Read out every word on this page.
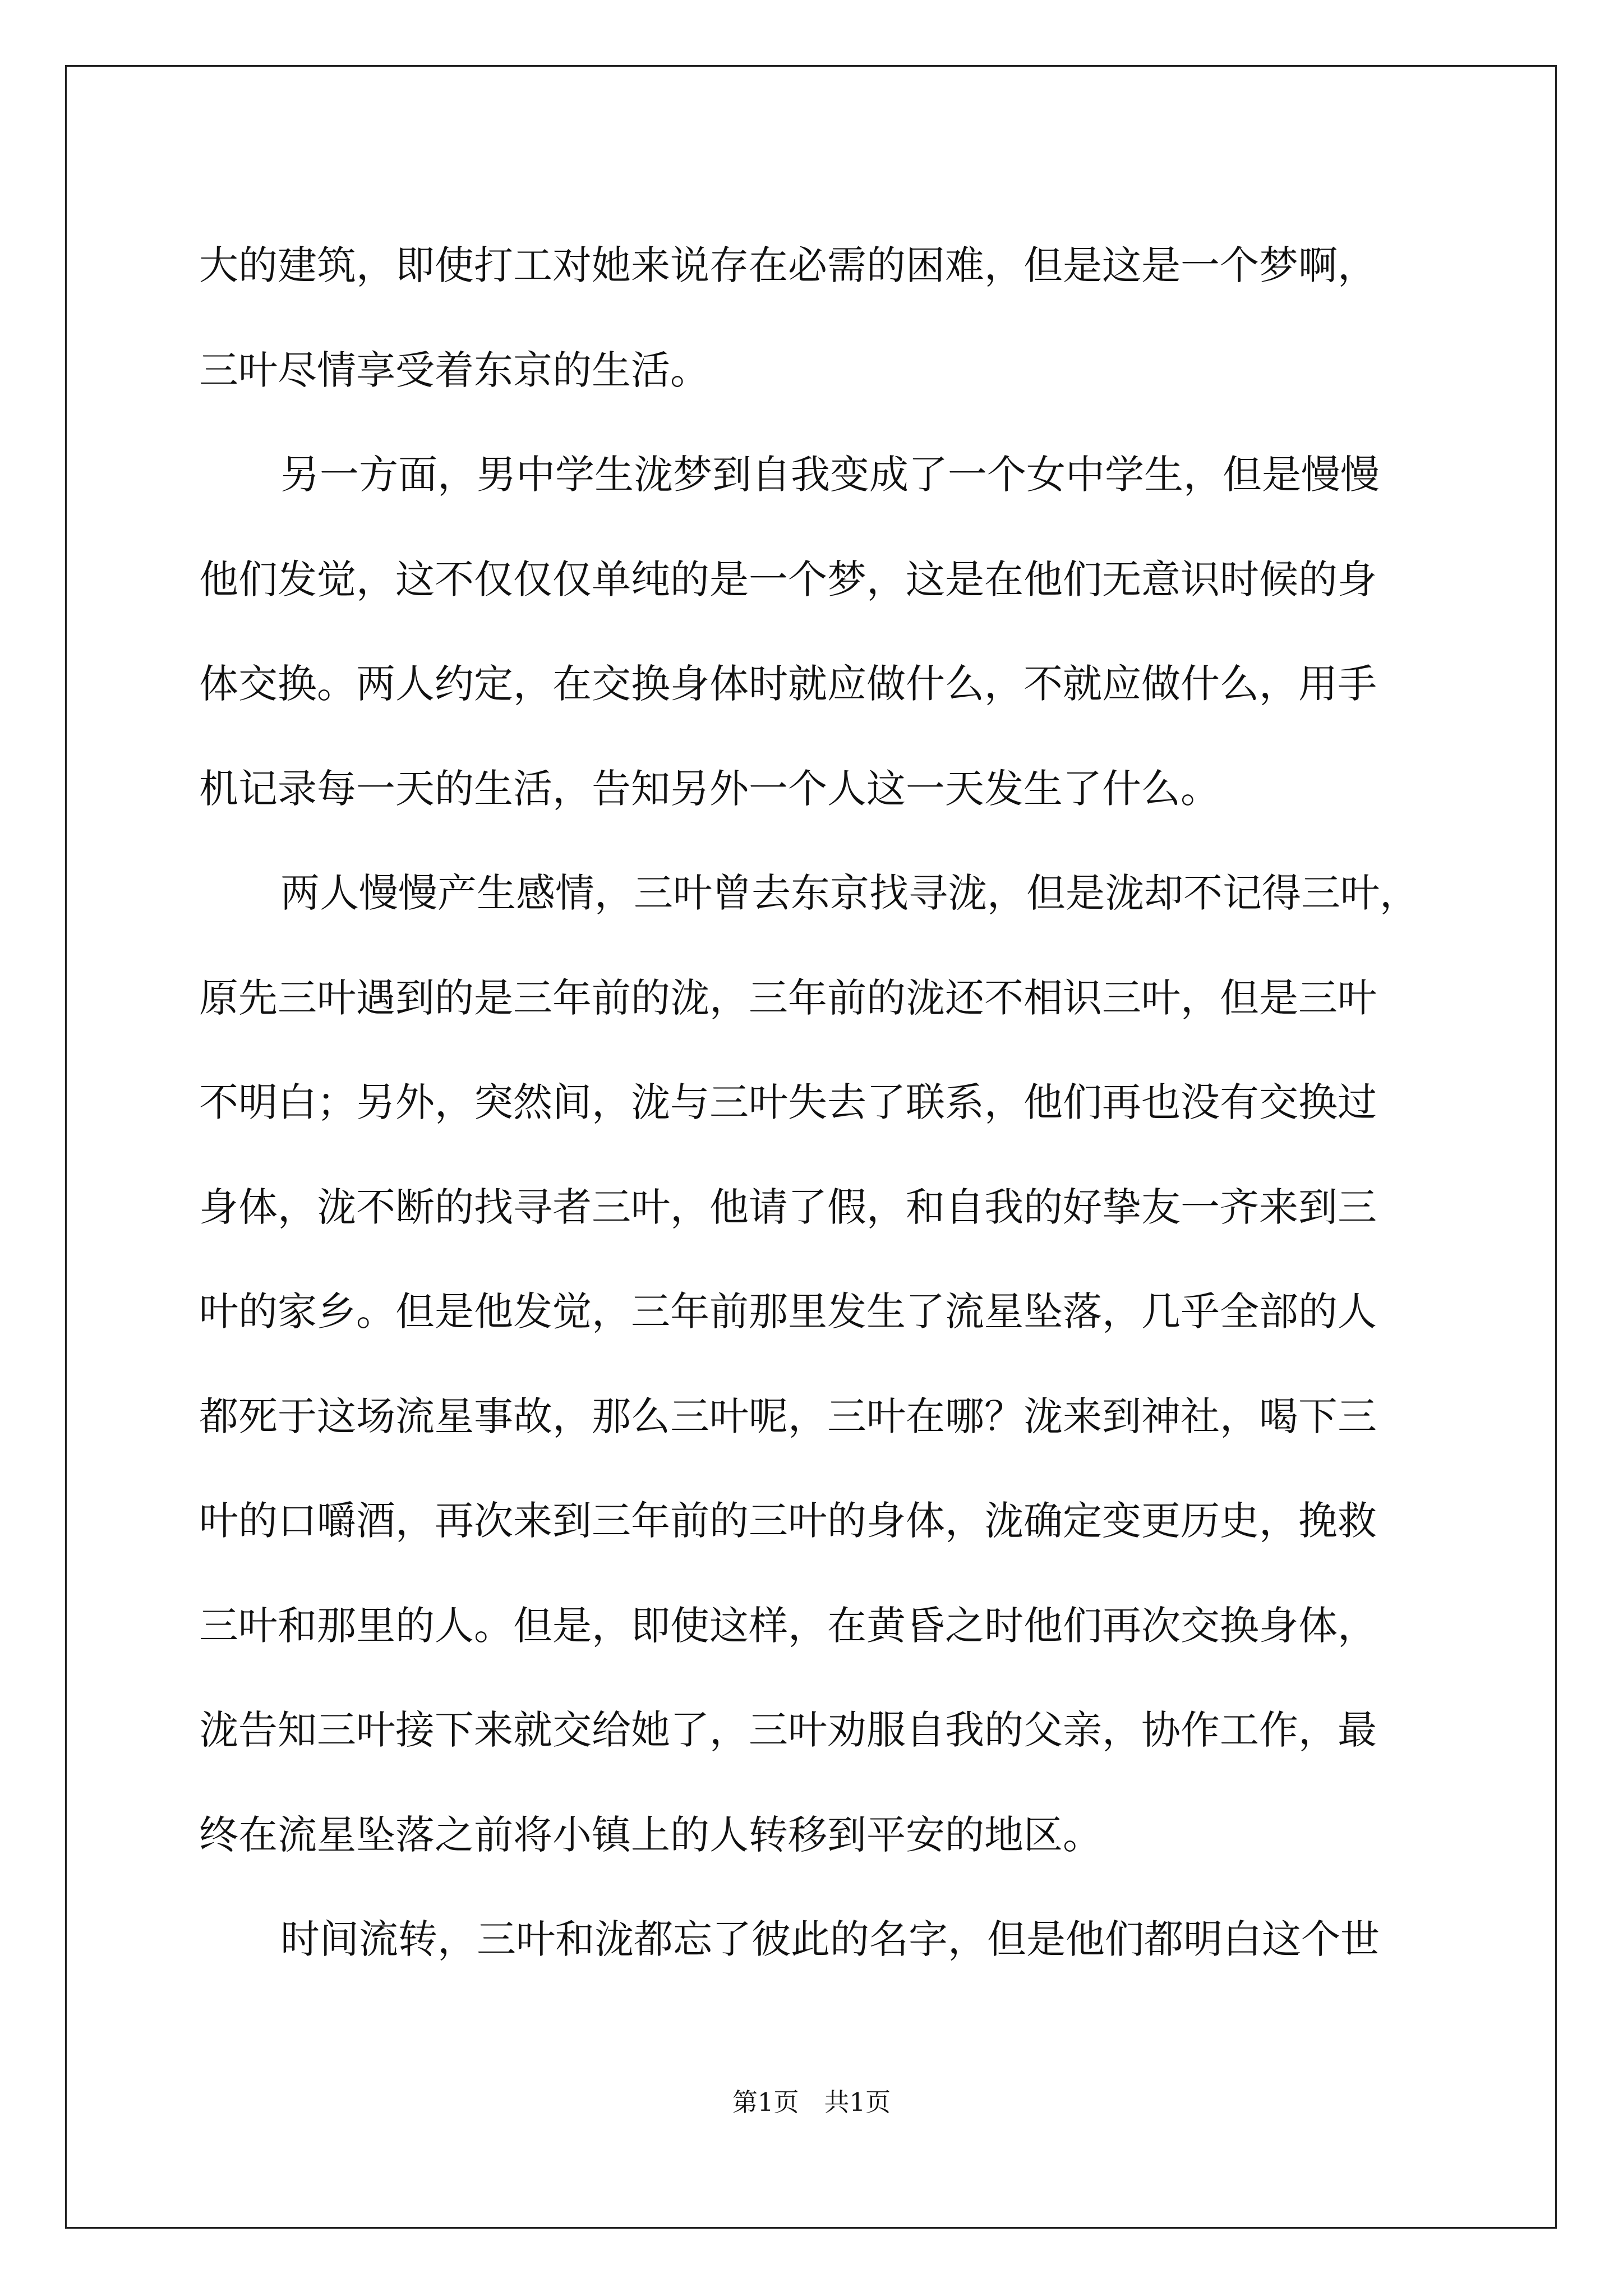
大的建筑，即使打工对她来说存在必需的困难，但是这是一个梦啊，
三叶尽情享受着东京的生活。
另一方面，男中学生泷梦到自我变成了一个女中学生，但是慢慢
他们发觉，这不仅仅仅单纯的是一个梦，这是在他们无意识时候的身
体交换。两人约定，在交换身体时就应做什么，不就应做什么，用手
机记录每一天的生活，告知另外一个人这一天发生了什么。
两人慢慢产生感情，三叶曾去东京找寻泷，但是泷却不记得三叶，
原先三叶遇到的是三年前的泷，三年前的泷还不相识三叶，但是三叶
不明白；另外，突然间，泷与三叶失去了联系，他们再也没有交换过
身体，泷不断的找寻者三叶，他请了假，和自我的好挚友一齐来到三
叶的家乡。但是他发觉，三年前那里发生了流星坠落，几乎全部的人
都死于这场流星事故，那么三叶呢，三叶在哪？泷来到神社，喝下三
叶的口嚼酒，再次来到三年前的三叶的身体，泷确定变更历史，挽救
三叶和那里的人。但是，即使这样，在黄昏之时他们再次交换身体，
泷告知三叶接下来就交给她了，三叶劝服自我的父亲，协作工作，最
终在流星坠落之前将小镇上的人转移到平安的地区。
时间流转，三叶和泷都忘了彼此的名字，但是他们都明白这个世
第1页　共1页
